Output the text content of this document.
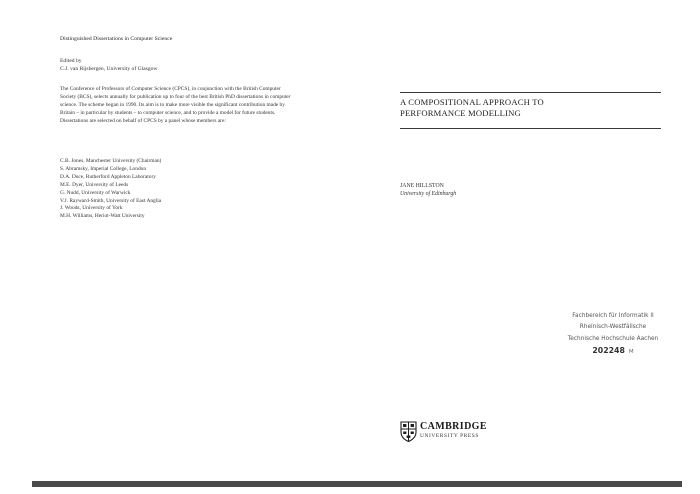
Distinguished Dissertations in Computer Science
Edited by
C.J. van Rijsbergen, University of Glasgow
The Conference of Professors of Computer Science (CPCS), in conjunction with the British Computer Society (BCS), selects annually for publication up to four of the best British PhD dissertations in computer science. The scheme began in 1990. Its aim is to make more visible the significant contribution made by Britain – in particular by students – to computer science, and to provide a model for future students. Dissertations are selected on behalf of CPCS by a panel whose members are:
C.B. Jones, Manchester University (Chairman)
S. Abramsky, Imperial College, London
D.A. Duce, Rutherford Appleton Laboratory
M.E. Dyer, University of Leeds
G. Nudd, University of Warwick
V.J. Rayward-Smith, University of East Anglia
J. Woods, University of York
M.H. Williams, Heriot-Watt University
A COMPOSITIONAL APPROACH TO
PERFORMANCE MODELLING
JANE HILLSTON
University of Edinburgh
Fachbereich für Informatik II
Rheinisch-Westfälische
Technische Hochschule Aachen
202248 M
CAMBRIDGE
UNIVERSITY PRESS
